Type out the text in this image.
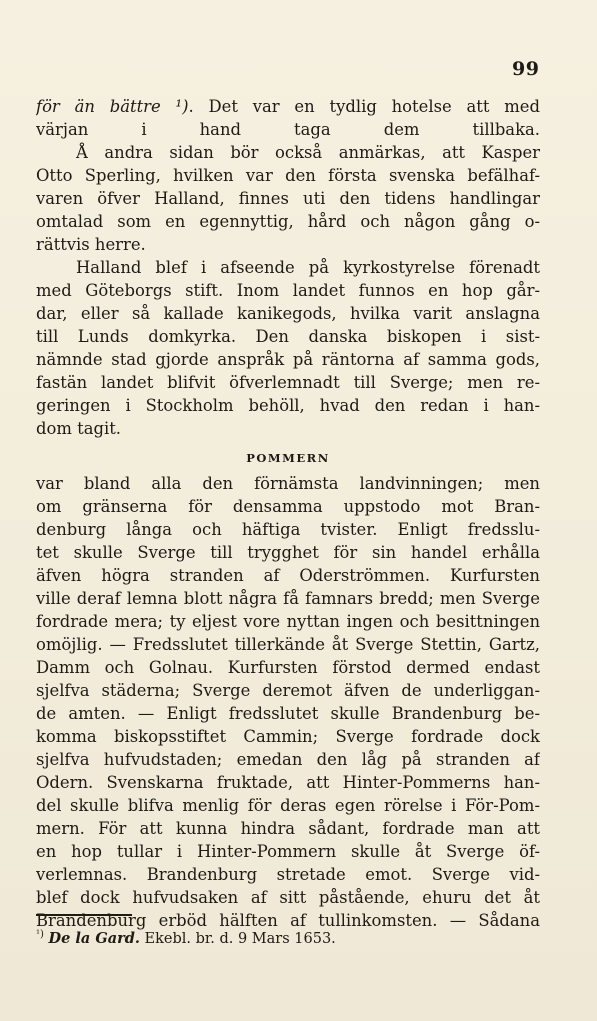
99
för än bättre ¹). Det var en tydlig hotelse att med
värjan i hand taga dem tillbaka.
Å andra sidan bör också anmärkas, att Kasper
Otto Sperling, hvilken var den första svenska befälhaf-
varen öfver Halland, finnes uti den tidens handlingar
omtalad som en egennyttig, hård och någon gång o-
rättvis herre.
Halland blef i afseende på kyrkostyrelse förenadt
med Göteborgs stift. Inom landet funnos en hop går-
dar, eller så kallade kanikegods, hvilka varit anslagna
till Lunds domkyrka. Den danska biskopen i sist-
nämnde stad gjorde anspråk på räntorna af samma gods,
fastän landet blifvit öfverlemnadt till Sverge; men re-
geringen i Stockholm behöll, hvad den redan i han-
dom tagit.
POMMERN
var bland alla den förnämsta landvinningen; men
om gränserna för densamma uppstodo mot Bran-
denburg långa och häftiga tvister. Enligt fredsslu-
tet skulle Sverge till trygghet för sin handel erhålla
äfven högra stranden af Oderströmmen. Kurfursten
ville deraf lemna blott några få famnars bredd; men Sverge
fordrade mera; ty eljest vore nyttan ingen och besittningen
omöjlig. — Fredsslutet tillerkände åt Sverge Stettin, Gartz,
Damm och Golnau. Kurfursten förstod dermed endast
sjelfva städerna; Sverge deremot äfven de underliggan-
de amten. — Enligt fredsslutet skulle Brandenburg be-
komma biskopsstiftet Cammin; Sverge fordrade dock
sjelfva hufvudstaden; emedan den låg på stranden af
Odern. Svenskarna fruktade, att Hinter-Pommerns han-
del skulle blifva menlig för deras egen rörelse i För-Pom-
mern. För att kunna hindra sådant, fordrade man att
en hop tullar i Hinter-Pommern skulle åt Sverge öf-
verlemnas. Brandenburg stretade emot. Sverge vid-
blef dock hufvudsaken af sitt påstående, ehuru det åt
Brandenburg erböd hälften af tullinkomsten. — Sådana
$^{^1)}$ De la Gard. Ekebl. br. d. 9 Mars 1653.
